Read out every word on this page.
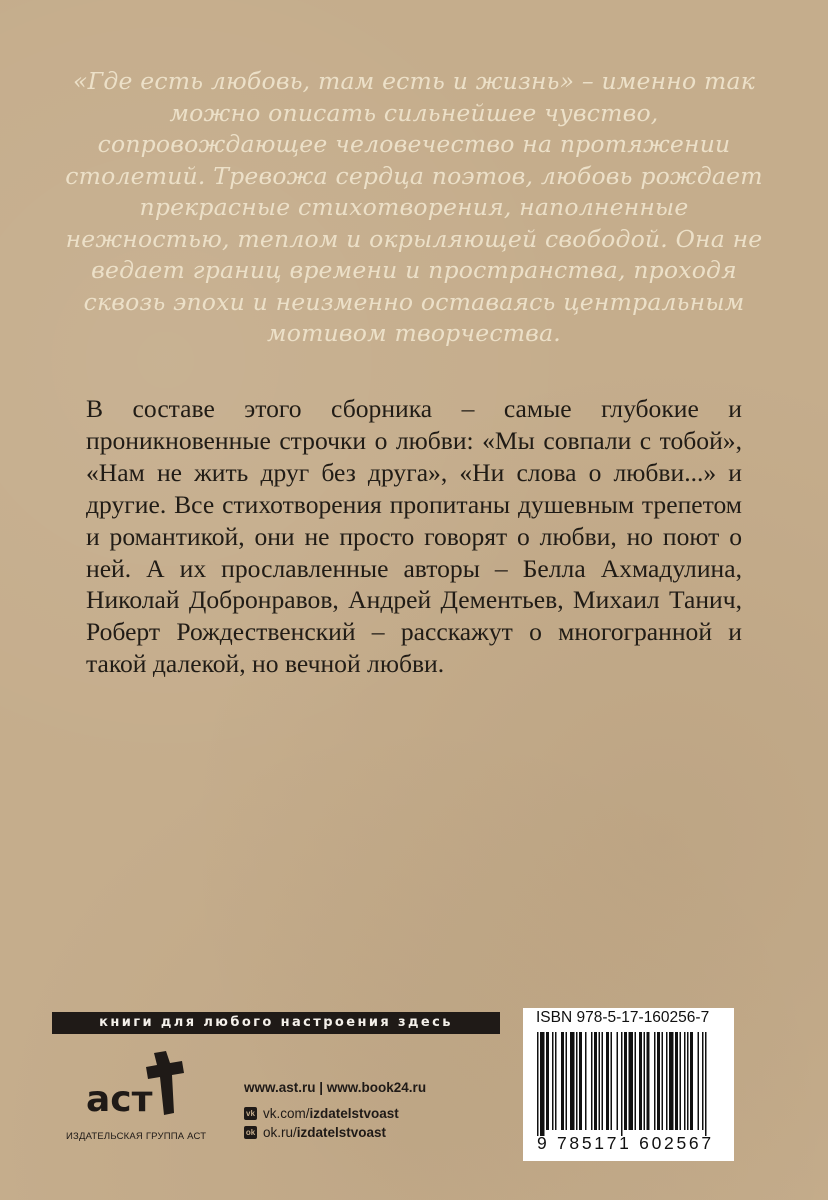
«Где есть любовь, там есть и жизнь» – именно так можно описать сильнейшее чувство, сопровождающее человечество на протяжении столетий. Тревожа сердца поэтов, любовь рождает прекрасные стихотворения, наполненные нежностью, теплом и окрыляющей свободой. Она не ведает границ времени и пространства, проходя сквозь эпохи и неизменно оставаясь центральным мотивом творчества.

В составе этого сборника – самые глубокие и проникновенные строчки о любви: «Мы совпали с тобой», «Нам не жить друг без друга», «Ни слова о любви...» и другие. Все стихотворения пропитаны душевным трепетом и романтикой, они не просто говорят о любви, но поют о ней. А их прославленные авторы – Белла Ахмадулина, Николай Добронравов, Андрей Дементьев, Михаил Танич, Роберт Рождественский – расскажут о многогранной и такой далекой, но вечной любви.

книги для любого настроения здесь
аст
ИЗДАТЕЛЬСКАЯ ГРУППА АСТ
www.ast.ru | www.book24.ru
vk vk.com/ izdatelstvoast
ok ok.ru/ izdatelstvoast
ISBN 978-5-17-160256-7
9 785171 602567
